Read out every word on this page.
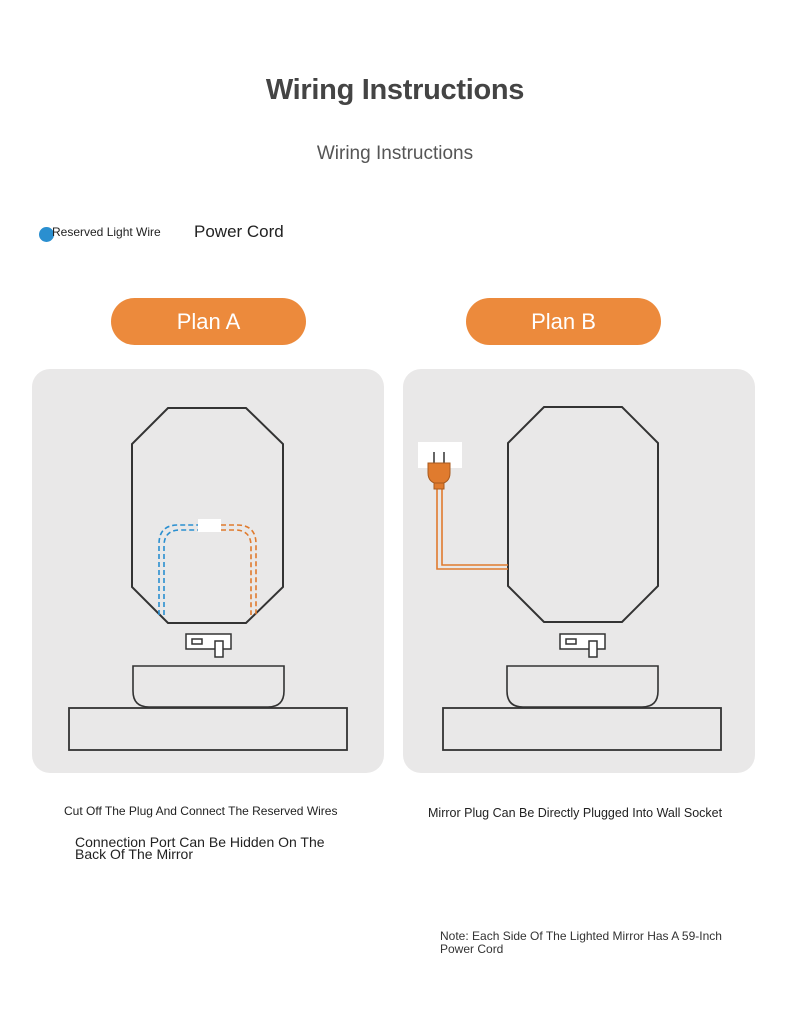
Wiring Instructions
Wiring Instructions
Reserved Light Wire Power Cord
Plan A	Plan B
Cut Off The Plug And Connect The Reserved Wires
Connection Port Can Be Hidden On The Back Of The Mirror
Mirror Plug Can Be Directly Plugged Into Wall Socket
Note: Each Side Of The Lighted Mirror Has A 59-Inch Power Cord
